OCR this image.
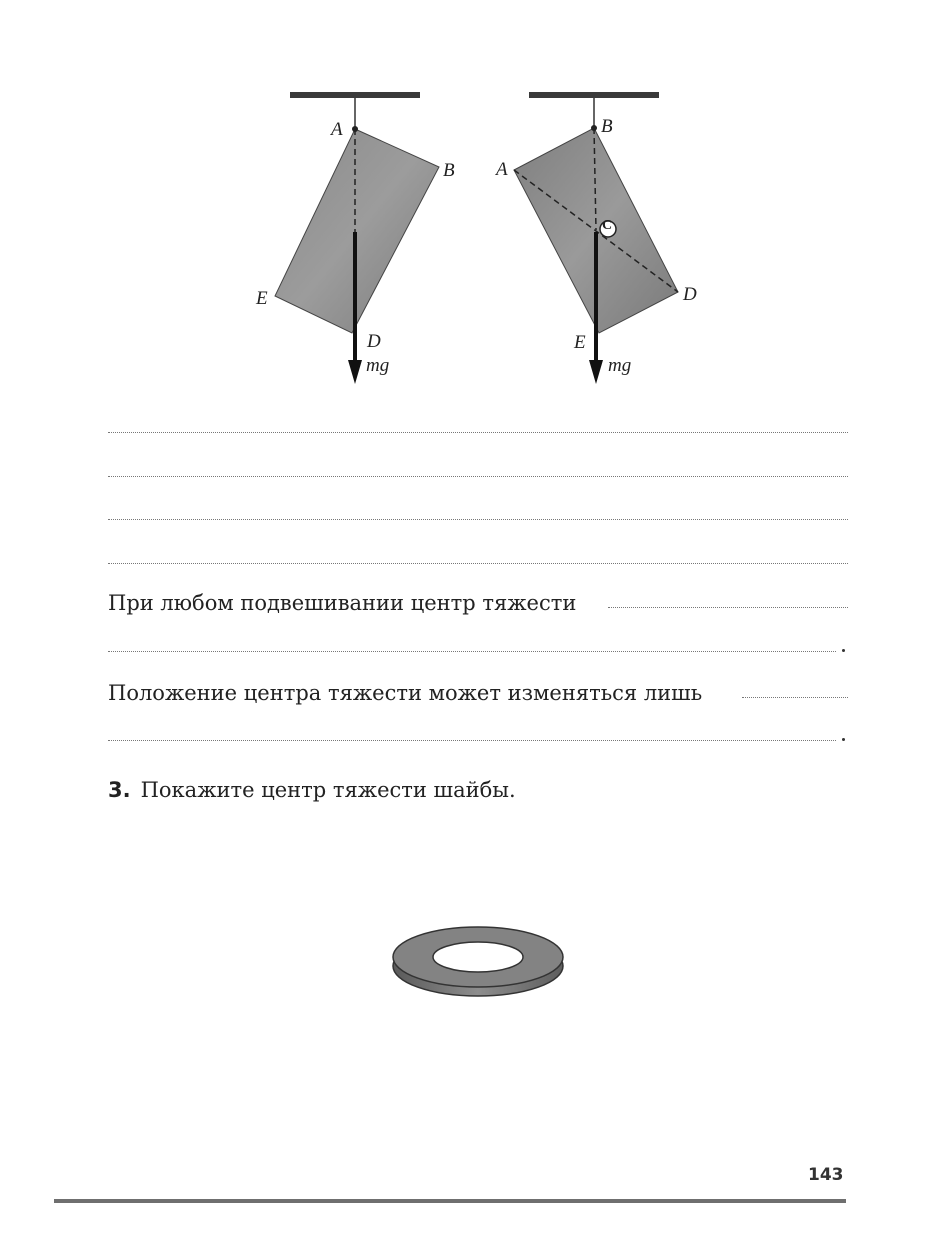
A
B
E
D
mg⃗
B
A
C
D
E
mg⃗
При любом подвешивании центр тяжести
Положение центра тяжести может изменяться лишь
3. Покажите центр тяжести шайбы.
143
